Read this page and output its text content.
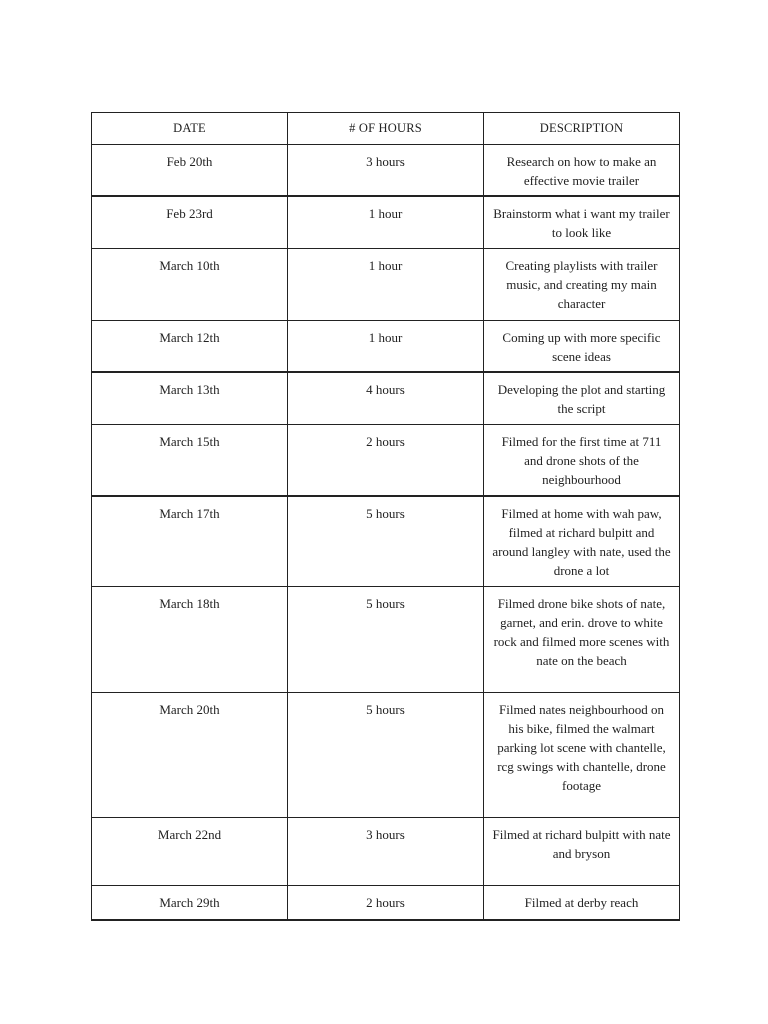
DATE	# OF HOURS	DESCRIPTION
Feb 20th	3 hours	Research on how to make an effective movie trailer
Feb 23rd	1 hour	Brainstorm what i want my trailer to look like
March 10th	1 hour	Creating playlists with trailer music, and creating my main character
March 12th	1 hour	Coming up with more specific scene ideas
March 13th	4 hours	Developing the plot and starting the script
March 15th	2 hours	Filmed for the first time at 711 and drone shots of the neighbourhood
March 17th	5 hours	Filmed at home with wah paw, filmed at richard bulpitt and around langley with nate, used the drone a lot
March 18th	5 hours	Filmed drone bike shots of nate, garnet, and erin. drove to white rock and filmed more scenes with nate on the beach
March 20th	5 hours	Filmed nates neighbourhood on his bike, filmed the walmart parking lot scene with chantelle, rcg swings with chantelle, drone footage
March 22nd	3 hours	Filmed at richard bulpitt with nate and bryson
March 29th	2 hours	Filmed at derby reach
